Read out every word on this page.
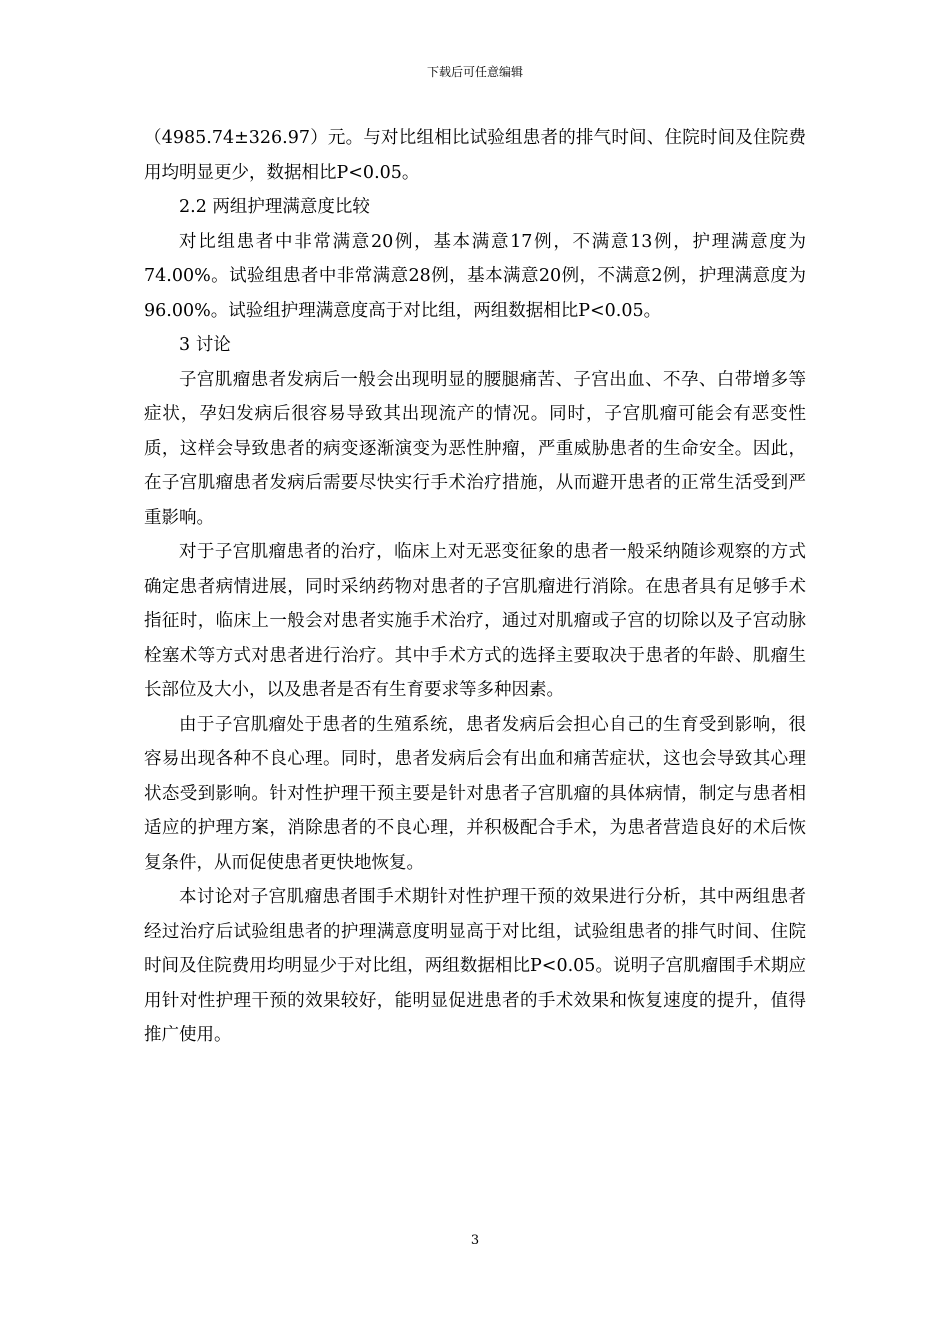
下载后可任意编辑

（4985.74±326.97）元。与对比组相比试验组患者的排气时间、住院时间及住院费用均明显更少，数据相比P<0.05。

2.2 两组护理满意度比较

对比组患者中非常满意20例，基本满意17例，不满意13例，护理满意度为74.00%。试验组患者中非常满意28例，基本满意20例，不满意2例，护理满意度为96.00%。试验组护理满意度高于对比组，两组数据相比P<0.05。

3 讨论

子宫肌瘤患者发病后一般会出现明显的腰腿痛苦、子宫出血、不孕、白带增多等症状，孕妇发病后很容易导致其出现流产的情况。同时，子宫肌瘤可能会有恶变性质，这样会导致患者的病变逐渐演变为恶性肿瘤，严重威胁患者的生命安全。因此，在子宫肌瘤患者发病后需要尽快实行手术治疗措施，从而避开患者的正常生活受到严重影响。

对于子宫肌瘤患者的治疗，临床上对无恶变征象的患者一般采纳随诊观察的方式确定患者病情进展，同时采纳药物对患者的子宫肌瘤进行消除。在患者具有足够手术指征时，临床上一般会对患者实施手术治疗，通过对肌瘤或子宫的切除以及子宫动脉栓塞术等方式对患者进行治疗。其中手术方式的选择主要取决于患者的年龄、肌瘤生长部位及大小，以及患者是否有生育要求等多种因素。

由于子宫肌瘤处于患者的生殖系统，患者发病后会担心自己的生育受到影响，很容易出现各种不良心理。同时，患者发病后会有出血和痛苦症状，这也会导致其心理状态受到影响。针对性护理干预主要是针对患者子宫肌瘤的具体病情，制定与患者相适应的护理方案，消除患者的不良心理，并积极配合手术，为患者营造良好的术后恢复条件，从而促使患者更快地恢复。

本讨论对子宫肌瘤患者围手术期针对性护理干预的效果进行分析，其中两组患者经过治疗后试验组患者的护理满意度明显高于对比组，试验组患者的排气时间、住院时间及住院费用均明显少于对比组，两组数据相比P<0.05。说明子宫肌瘤围手术期应用针对性护理干预的效果较好，能明显促进患者的手术效果和恢复速度的提升，值得推广使用。

3
